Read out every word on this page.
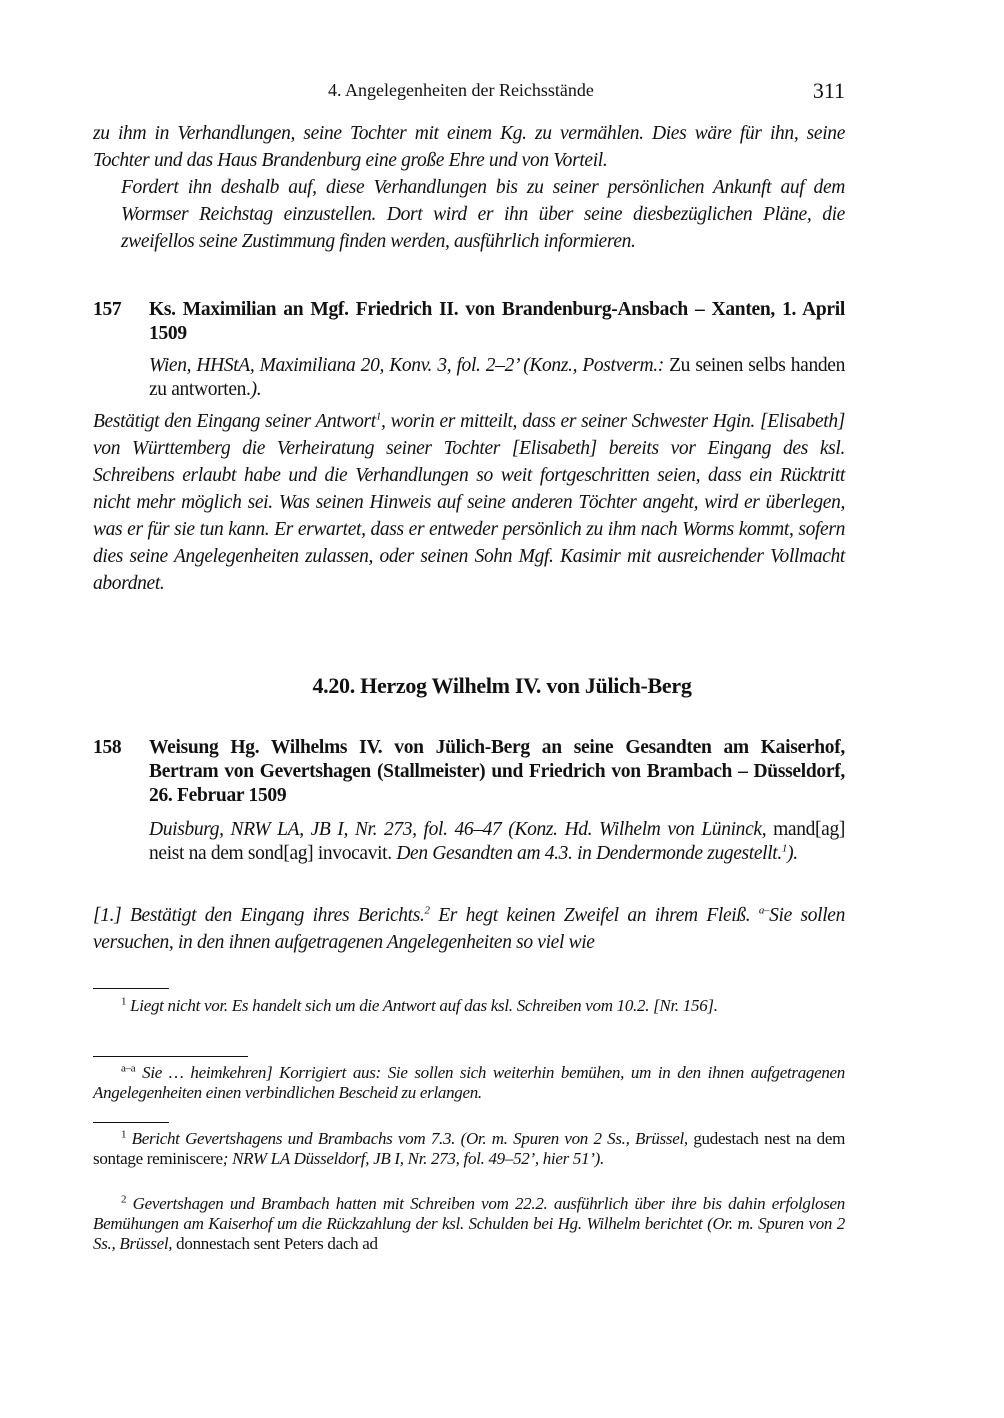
4. Angelegenheiten der Reichsstände	311
zu ihm in Verhandlungen, seine Tochter mit einem Kg. zu vermählen. Dies wäre für ihn, seine Tochter und das Haus Brandenburg eine große Ehre und von Vorteil.
Fordert ihn deshalb auf, diese Verhandlungen bis zu seiner persönlichen Ankunft auf dem Wormser Reichstag einzustellen. Dort wird er ihn über seine diesbezüglichen Pläne, die zweifellos seine Zustimmung finden werden, ausführlich informieren.
157 Ks. Maximilian an Mgf. Friedrich II. von Brandenburg-Ansbach – Xanten, 1. April 1509
Wien, HHStA, Maximiliana 20, Konv. 3, fol. 2–2’ (Konz., Postverm.: Zu seinen selbs handen zu antworten.).
Bestätigt den Eingang seiner Antwort$^1$, worin er mitteilt, dass er seiner Schwester Hgin. [Elisabeth] von Württemberg die Verheiratung seiner Tochter [Elisabeth] bereits vor Eingang des ksl. Schreibens erlaubt habe und die Verhandlungen so weit fortgeschritten seien, dass ein Rücktritt nicht mehr möglich sei. Was seinen Hinweis auf seine anderen Töchter angeht, wird er überlegen, was er für sie tun kann. Er erwartet, dass er entweder persönlich zu ihm nach Worms kommt, sofern dies seine Angelegenheiten zulassen, oder seinen Sohn Mgf. Kasimir mit ausreichender Vollmacht abordnet.
4.20. Herzog Wilhelm IV. von Jülich-Berg
158 Weisung Hg. Wilhelms IV. von Jülich-Berg an seine Gesandten am Kaiserhof, Bertram von Gevertshagen (Stallmeister) und Friedrich von Brambach – Düsseldorf, 26. Februar 1509
Duisburg, NRW LA, JB I, Nr. 273, fol. 46–47 (Konz. Hd. Wilhelm von Lüninck, mand[ag] neist na dem sond[ag] invocavit. Den Gesandten am 4.3. in Dendermonde zugestellt.$^1$).
[1.] Bestätigt den Eingang ihres Berichts.$^2$ Er hegt keinen Zweifel an ihrem Fleiß. $^{a-}$Sie sollen versuchen, in den ihnen aufgetragenen Angelegenheiten so viel wie
$^1$ Liegt nicht vor. Es handelt sich um die Antwort auf das ksl. Schreiben vom 10.2. [Nr. 156].
$^{a-a}$ Sie … heimkehren] Korrigiert aus: Sie sollen sich weiterhin bemühen, um in den ihnen aufgetragenen Angelegenheiten einen verbindlichen Bescheid zu erlangen.
$^1$ Bericht Gevertshagens und Brambachs vom 7.3. (Or. m. Spuren von 2 Ss., Brüssel, gudestach nest na dem sontage reminiscere; NRW LA Düsseldorf, JB I, Nr. 273, fol. 49–52’, hier 51’).
$^2$ Gevertshagen und Brambach hatten mit Schreiben vom 22.2. ausführlich über ihre bis dahin erfolglosen Bemühungen am Kaiserhof um die Rückzahlung der ksl. Schulden bei Hg. Wilhelm berichtet (Or. m. Spuren von 2 Ss., Brüssel, donnestach sent Peters dach ad
